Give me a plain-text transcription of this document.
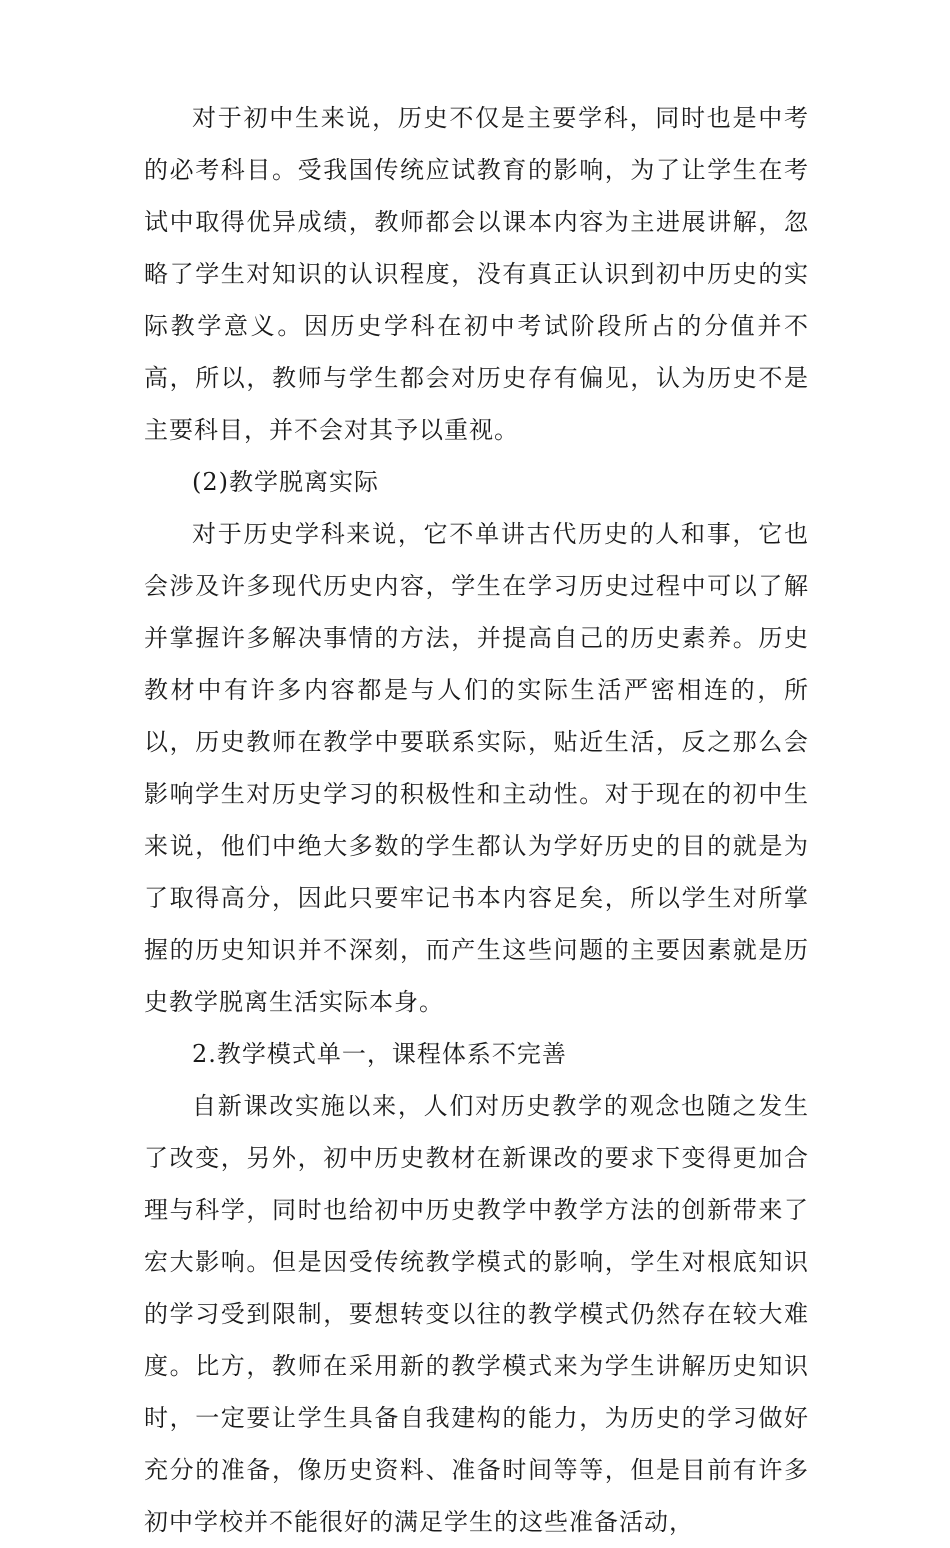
对于初中生来说，历史不仅是主要学科，同时也是中考的必考科目。受我国传统应试教育的影响，为了让学生在考试中取得优异成绩，教师都会以课本内容为主进展讲解，忽略了学生对知识的认识程度，没有真正认识到初中历史的实际教学意义。因历史学科在初中考试阶段所占的分值并不高，所以，教师与学生都会对历史存有偏见，认为历史不是主要科目，并不会对其予以重视。

(2)教学脱离实际

对于历史学科来说，它不单讲古代历史的人和事，它也会涉及许多现代历史内容，学生在学习历史过程中可以了解并掌握许多解决事情的方法，并提高自己的历史素养。历史教材中有许多内容都是与人们的实际生活严密相连的，所以，历史教师在教学中要联系实际，贴近生活，反之那么会影响学生对历史学习的积极性和主动性。对于现在的初中生来说，他们中绝大多数的学生都认为学好历史的目的就是为了取得高分，因此只要牢记书本内容足矣，所以学生对所掌握的历史知识并不深刻，而产生这些问题的主要因素就是历史教学脱离生活实际本身。

2.教学模式单一，课程体系不完善

自新课改实施以来，人们对历史教学的观念也随之发生了改变，另外，初中历史教材在新课改的要求下变得更加合理与科学，同时也给初中历史教学中教学方法的创新带来了宏大影响。但是因受传统教学模式的影响，学生对根底知识的学习受到限制，要想转变以往的教学模式仍然存在较大难度。比方，教师在采用新的教学模式来为学生讲解历史知识时，一定要让学生具备自我建构的能力，为历史的学习做好充分的准备，像历史资料、准备时间等等，但是目前有许多初中学校并不能很好的满足学生的这些准备活动，
